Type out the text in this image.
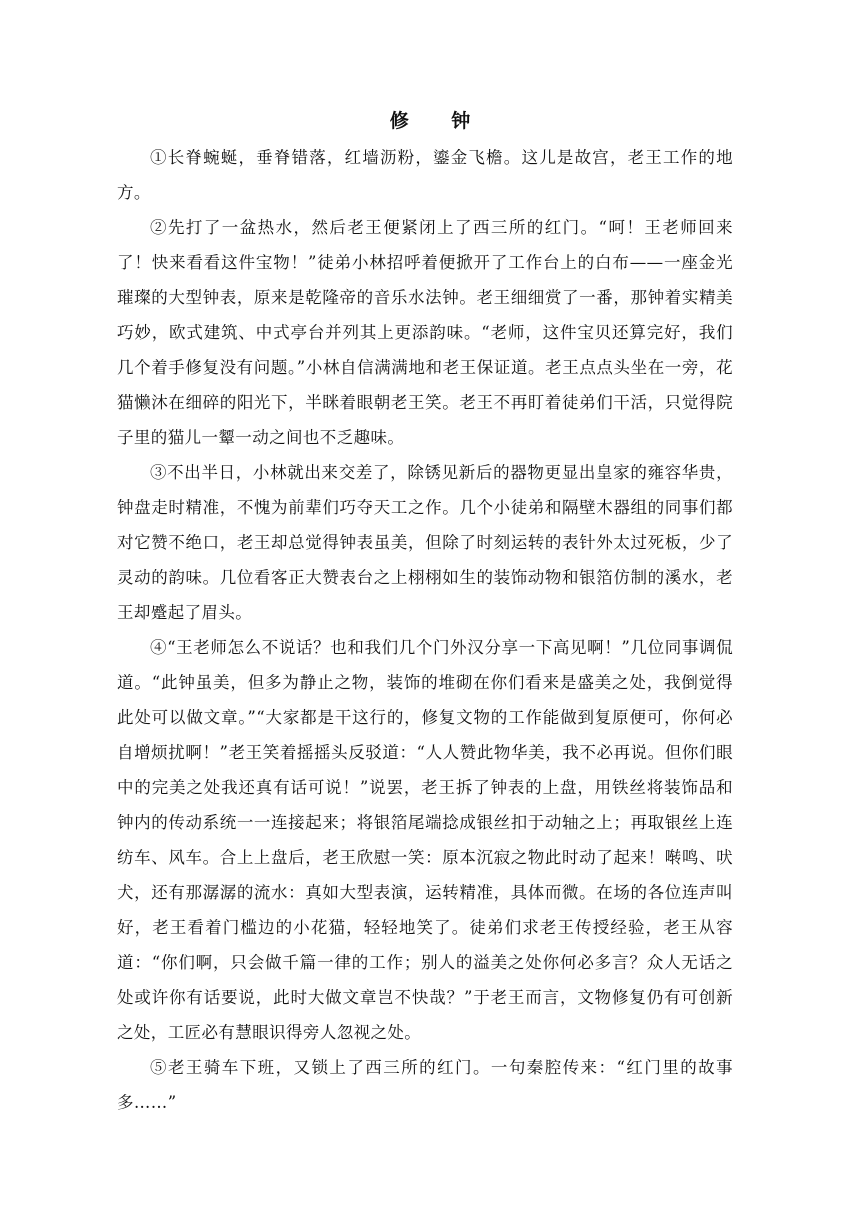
修 钟

①长脊蜿蜒，垂脊错落，红墙沥粉，鎏金飞檐。这儿是故宫，老王工作的地方。

②先打了一盆热水，然后老王便紧闭上了西三所的红门。“呵！王老师回来了！快来看看这件宝物！”徒弟小林招呼着便掀开了工作台上的白布——一座金光璀璨的大型钟表，原来是乾隆帝的音乐水法钟。老王细细赏了一番，那钟着实精美巧妙，欧式建筑、中式亭台并列其上更添韵味。“老师，这件宝贝还算完好，我们几个着手修复没有问题。”小林自信满满地和老王保证道。老王点点头坐在一旁，花猫懒沐在细碎的阳光下，半眯着眼朝老王笑。老王不再盯着徒弟们干活，只觉得院子里的猫儿一颦一动之间也不乏趣味。

③不出半日，小林就出来交差了，除锈见新后的器物更显出皇家的雍容华贵，钟盘走时精准，不愧为前辈们巧夺天工之作。几个小徒弟和隔壁木器组的同事们都对它赞不绝口，老王却总觉得钟表虽美，但除了时刻运转的表针外太过死板，少了灵动的韵味。几位看客正大赞表台之上栩栩如生的装饰动物和银箔仿制的溪水，老王却蹙起了眉头。

④“王老师怎么不说话？也和我们几个门外汉分享一下高见啊！”几位同事调侃道。“此钟虽美，但多为静止之物，装饰的堆砌在你们看来是盛美之处，我倒觉得此处可以做文章。”“大家都是干这行的，修复文物的工作能做到复原便可，你何必自增烦扰啊！”老王笑着摇摇头反驳道：“人人赞此物华美，我不必再说。但你们眼中的完美之处我还真有话可说！”说罢，老王拆了钟表的上盘，用铁丝将装饰品和钟内的传动系统一一连接起来；将银箔尾端捻成银丝扣于动轴之上；再取银丝上连纺车、风车。合上上盘后，老王欣慰一笑：原本沉寂之物此时动了起来！啭鸣、吠犬，还有那潺潺的流水：真如大型表演，运转精准，具体而微。在场的各位连声叫好，老王看着门槛边的小花猫，轻轻地笑了。徒弟们求老王传授经验，老王从容道：“你们啊，只会做千篇一律的工作；别人的溢美之处你何必多言？众人无话之处或许你有话要说，此时大做文章岂不快哉？”于老王而言，文物修复仍有可创新之处，工匠必有慧眼识得旁人忽视之处。

⑤老王骑车下班，又锁上了西三所的红门。一句秦腔传来：“红门里的故事多……”
